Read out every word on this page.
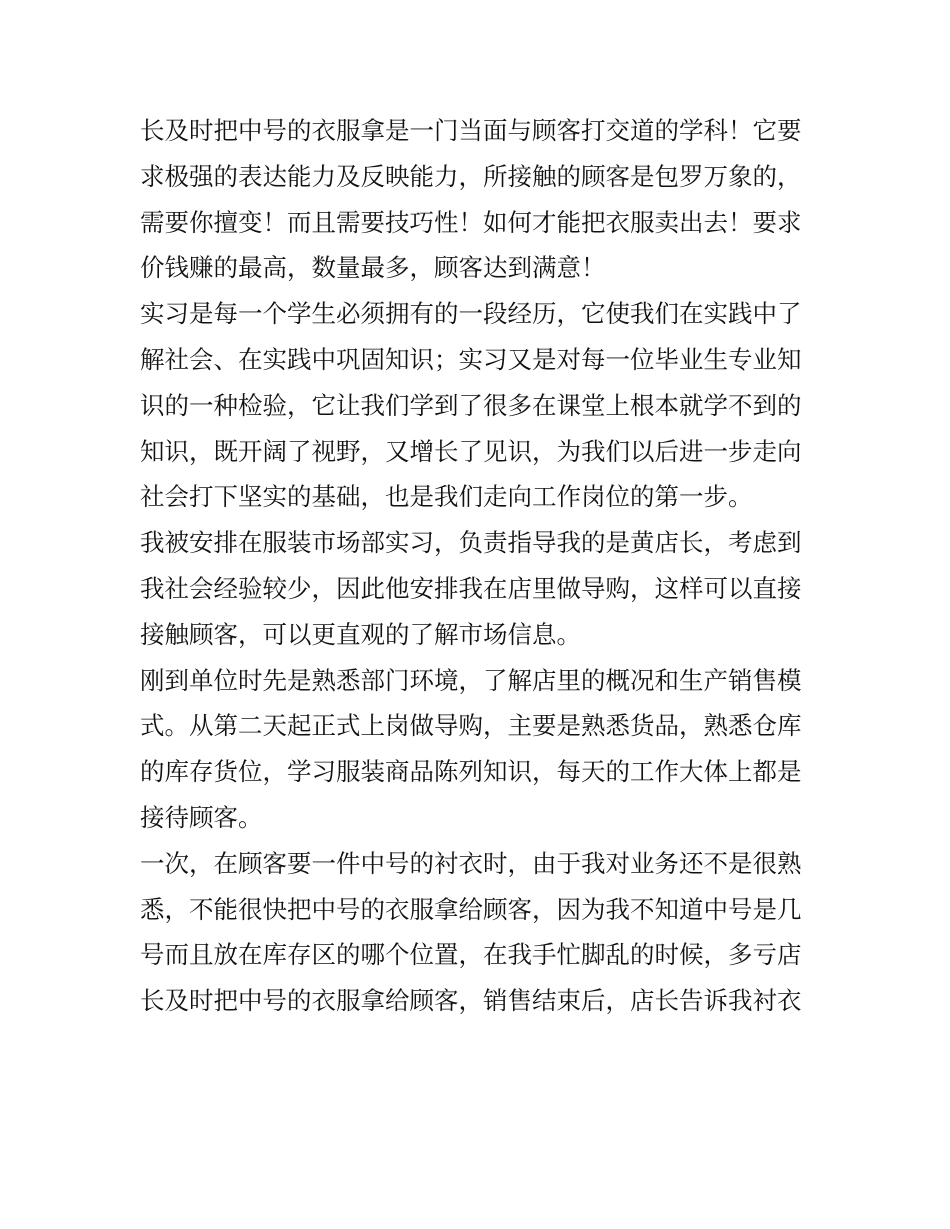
长及时把中号的衣服拿是一门当面与顾客打交道的学科！它要
求极强的表达能力及反映能力，所接触的顾客是包罗万象的，
需要你擅变！而且需要技巧性！如何才能把衣服卖出去！要求
价钱赚的最高，数量最多，顾客达到满意！
实习是每一个学生必须拥有的一段经历，它使我们在实践中了
解社会、在实践中巩固知识；实习又是对每一位毕业生专业知
识的一种检验，它让我们学到了很多在课堂上根本就学不到的
知识，既开阔了视野，又增长了见识，为我们以后进一步走向
社会打下坚实的基础，也是我们走向工作岗位的第一步。
我被安排在服装市场部实习，负责指导我的是黄店长，考虑到
我社会经验较少，因此他安排我在店里做导购，这样可以直接
接触顾客，可以更直观的了解市场信息。
刚到单位时先是熟悉部门环境，了解店里的概况和生产销售模
式。从第二天起正式上岗做导购，主要是熟悉货品，熟悉仓库
的库存货位，学习服装商品陈列知识，每天的工作大体上都是
接待顾客。
一次，在顾客要一件中号的衬衣时，由于我对业务还不是很熟
悉，不能很快把中号的衣服拿给顾客，因为我不知道中号是几
号而且放在库存区的哪个位置，在我手忙脚乱的时候，多亏店
长及时把中号的衣服拿给顾客，销售结束后，店长告诉我衬衣
